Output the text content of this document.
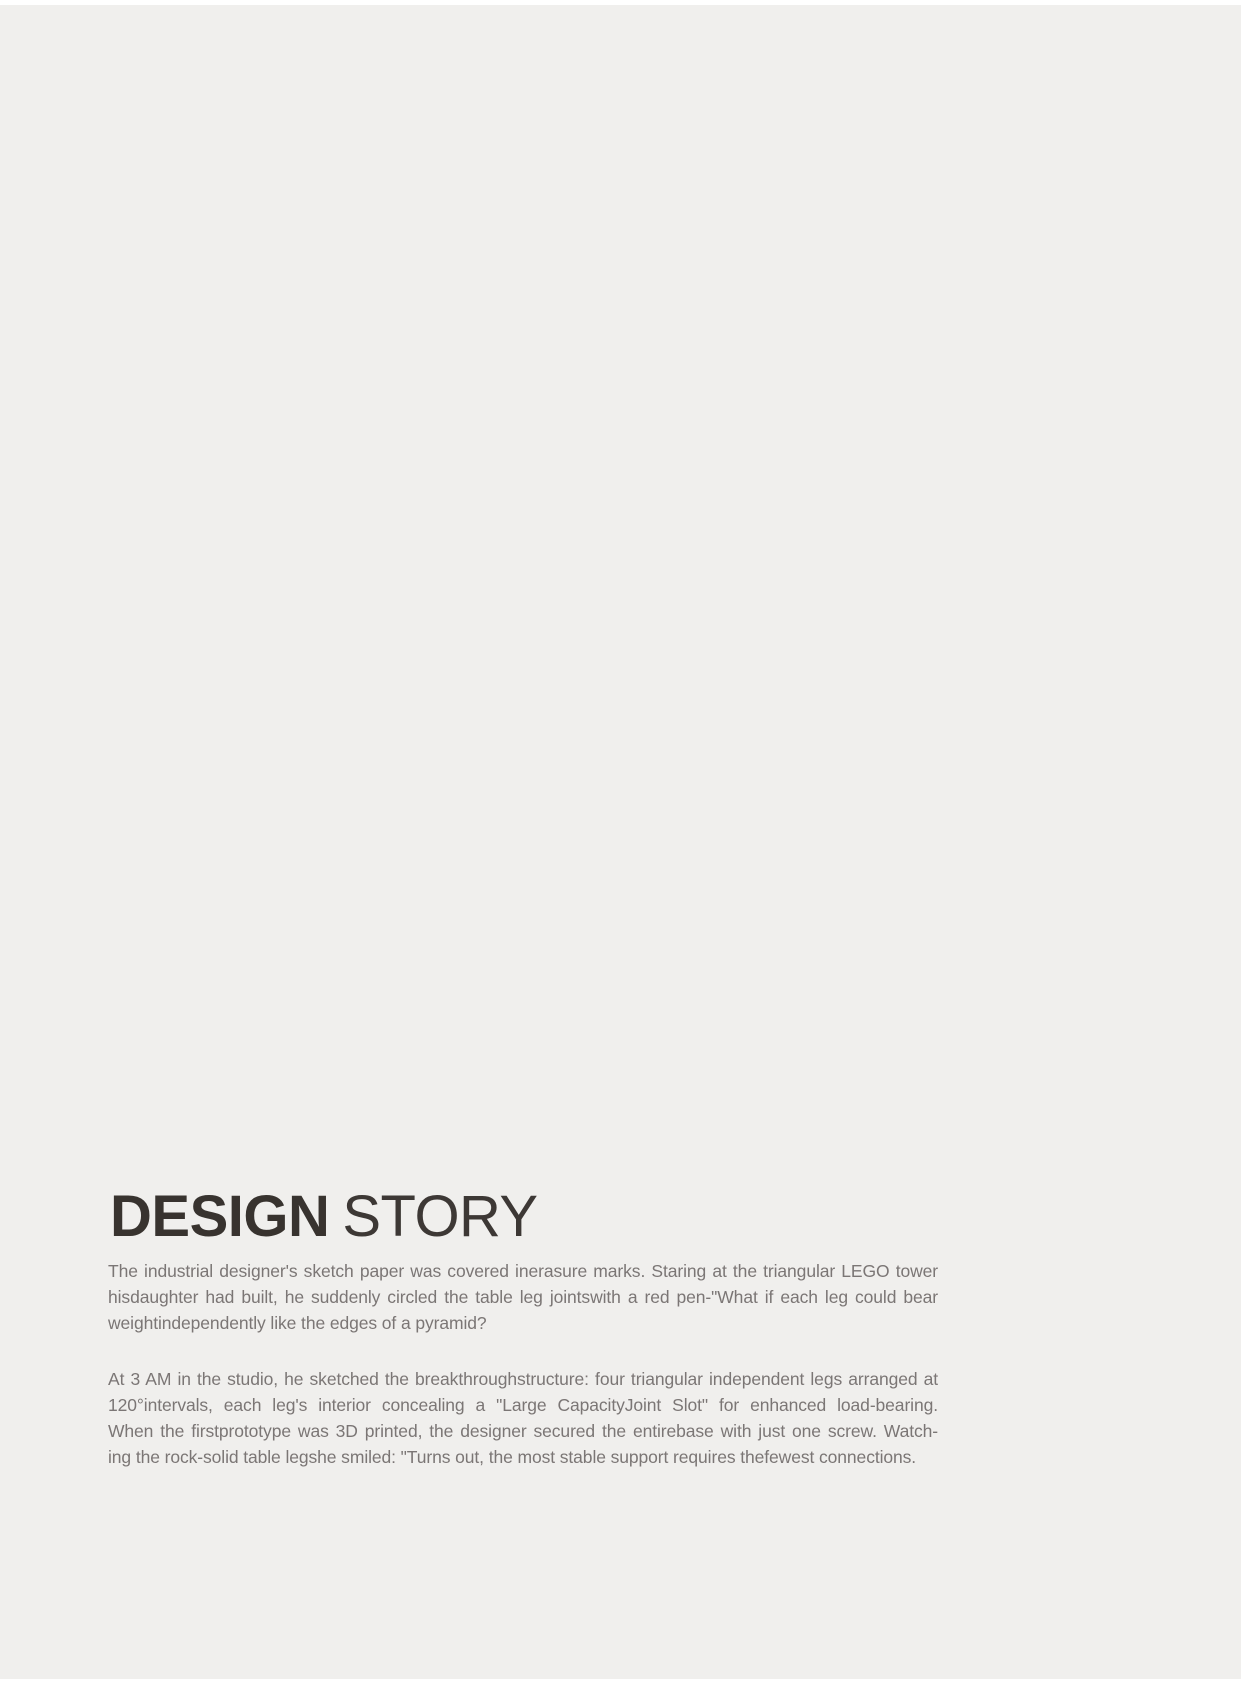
DESIGN STORY
The industrial designer's sketch paper was covered inerasure marks. Staring at the triangular LEGO tower
hisdaughter had built, he suddenly circled the table leg jointswith a red pen-"What if each leg could bear
weightindependently like the edges of a pyramid?
At 3 AM in the studio, he sketched the breakthroughstructure: four triangular independent legs arranged at
120°intervals, each leg's interior concealing a "Large CapacityJoint Slot" for enhanced load-bearing.
When the firstprototype was 3D printed, the designer secured the entirebase with just one screw. Watch-
ing the rock-solid table legshe smiled: "Turns out, the most stable support requires thefewest connections.
